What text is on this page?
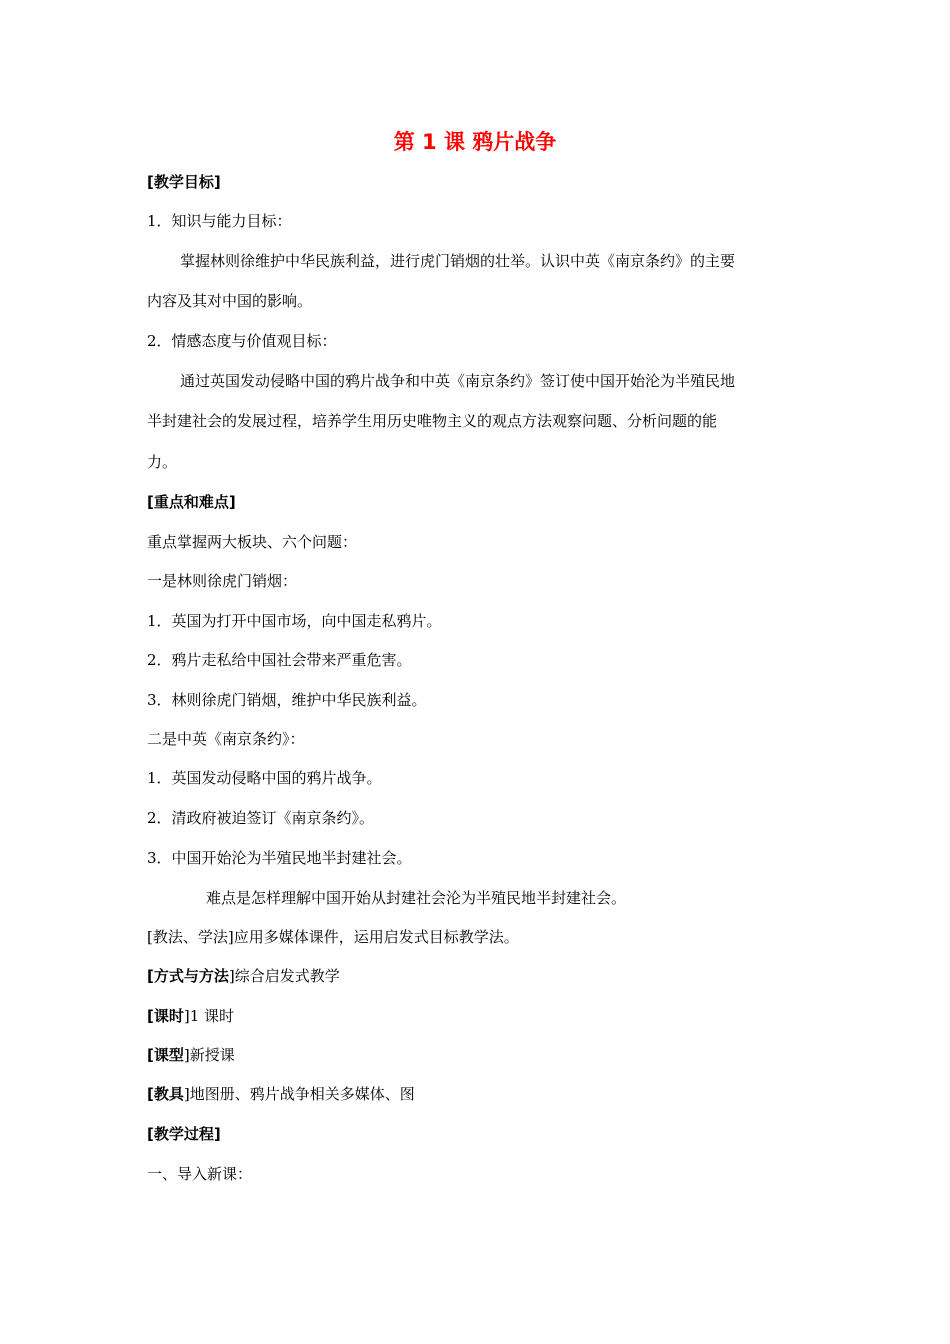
第 1 课 鸦片战争
[教学目标]
1．知识与能力目标：
掌握林则徐维护中华民族利益，进行虎门销烟的壮举。认识中英《南京条约》的主要
内容及其对中国的影响。
2．情感态度与价值观目标：
通过英国发动侵略中国的鸦片战争和中英《南京条约》签订使中国开始沦为半殖民地
半封建社会的发展过程，培养学生用历史唯物主义的观点方法观察问题、分析问题的能
力。
[重点和难点]
重点掌握两大板块、六个问题：
一是林则徐虎门销烟：
1．英国为打开中国市场，向中国走私鸦片。
2．鸦片走私给中国社会带来严重危害。
3．林则徐虎门销烟，维护中华民族利益。
二是中英《南京条约》：
1．英国发动侵略中国的鸦片战争。
2．清政府被迫签订《南京条约》。
3．中国开始沦为半殖民地半封建社会。
难点是怎样理解中国开始从封建社会沦为半殖民地半封建社会。
[教法、学法]应用多媒体课件，运用启发式目标教学法。
[方式与方法]综合启发式教学
[课时]1 课时
[课型]新授课
[教具]地图册、鸦片战争相关多媒体、图
[教学过程]
一、导入新课：
